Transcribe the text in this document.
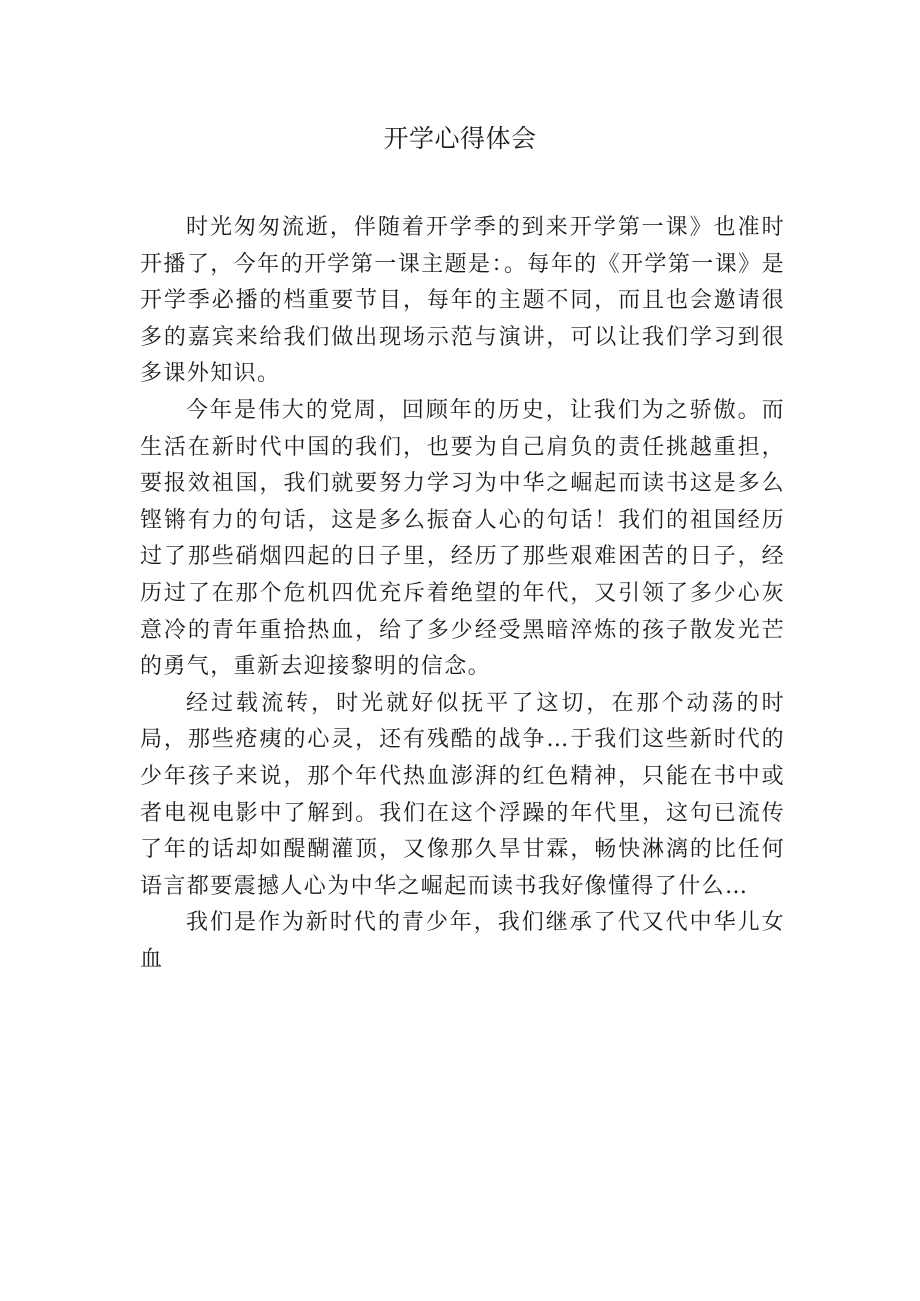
开学心得体会

时光匆匆流逝，伴随着开学季的到来开学第一课》也准时开播了，今年的开学第一课主题是：。每年的《开学第一课》是开学季必播的档重要节目，每年的主题不同，而且也会邀请很多的嘉宾来给我们做出现场示范与演讲，可以让我们学习到很多课外知识。

今年是伟大的党周，回顾年的历史，让我们为之骄傲。而生活在新时代中国的我们，也要为自己肩负的责任挑越重担，要报效祖国，我们就要努力学习为中华之崛起而读书这是多么铿锵有力的句话，这是多么振奋人心的句话！我们的祖国经历过了那些硝烟四起的日子里，经历了那些艰难困苦的日子，经历过了在那个危机四优充斥着绝望的年代，又引领了多少心灰意冷的青年重拾热血，给了多少经受黑暗淬炼的孩子散发光芒的勇气，重新去迎接黎明的信念。

经过载流转，时光就好似抚平了这切，在那个动荡的时局，那些疮痍的心灵，还有残酷的战争…于我们这些新时代的少年孩子来说，那个年代热血澎湃的红色精神，只能在书中或者电视电影中了解到。我们在这个浮躁的年代里，这句已流传了年的话却如醍醐灌顶，又像那久旱甘霖，畅快淋漓的比任何语言都要震撼人心为中华之崛起而读书我好像懂得了什么…

我们是作为新时代的青少年，我们继承了代又代中华儿女血
